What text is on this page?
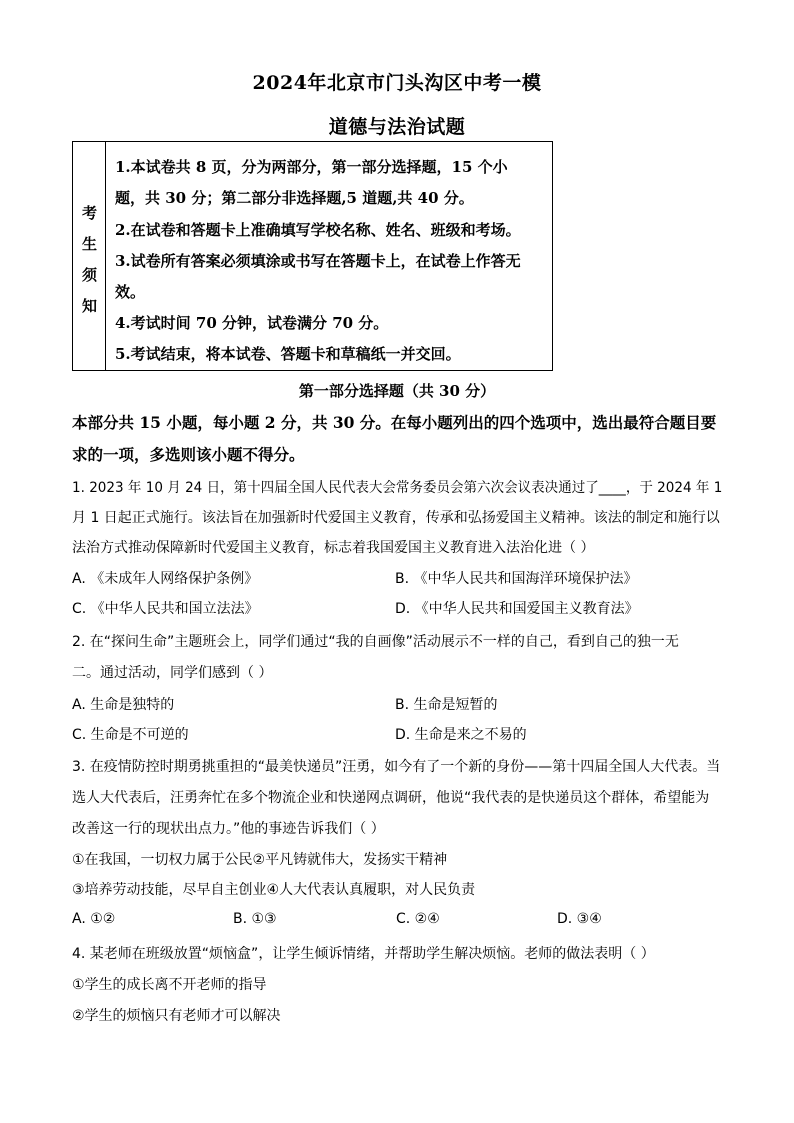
2024年北京市门头沟区中考一模
道德与法治试题
考
生
须
知
1.本试卷共 8 页，分为两部分，第一部分选择题，15 个小
题，共 30 分；第二部分非选择题,5 道题,共 40 分。
2.在试卷和答题卡上准确填写学校名称、姓名、班级和考场。
3.试卷所有答案必须填涂或书写在答题卡上，在试卷上作答无
效。
4.考试时间 70 分钟，试卷满分 70 分。
5.考试结束，将本试卷、答题卡和草稿纸一并交回。
第一部分选择题（共 30 分）
本部分共 15 小题，每小题 2 分，共 30 分。在每小题列出的四个选项中，选出最符合题目要
求的一项，多选则该小题不得分。
1. 2023 年 10 月 24 日，第十四届全国人民代表大会常务委员会第六次会议表决通过了____，于 2024 年 1
月 1 日起正式施行。该法旨在加强新时代爱国主义教育，传承和弘扬爱国主义精神。该法的制定和施行以
法治方式推动保障新时代爱国主义教育，标志着我国爱国主义教育进入法治化进（ ）
A. 《未成年人网络保护条例》	B. 《中华人民共和国海洋环境保护法》
C. 《中华人民共和国立法法》	D. 《中华人民共和国爱国主义教育法》
2. 在“探问生命”主题班会上，同学们通过“我的自画像”活动展示不一样的自己，看到自己的独一无
二。通过活动，同学们感到（ ）
A. 生命是独特的	B. 生命是短暂的
C. 生命是不可逆的	D. 生命是来之不易的
3. 在疫情防控时期勇挑重担的“最美快递员”汪勇，如今有了一个新的身份——第十四届全国人大代表。当
选人大代表后，汪勇奔忙在多个物流企业和快递网点调研，他说“我代表的是快递员这个群体，希望能为
改善这一行的现状出点力。”他的事迹告诉我们（ ）
①在我国，一切权力属于公民②平凡铸就伟大，发扬实干精神
③培养劳动技能，尽早自主创业④人大代表认真履职，对人民负责
A. ①②	B. ①③	C. ②④	D. ③④
4. 某老师在班级放置“烦恼盒”，让学生倾诉情绪，并帮助学生解决烦恼。老师的做法表明（ ）
①学生的成长离不开老师的指导
②学生的烦恼只有老师才可以解决
